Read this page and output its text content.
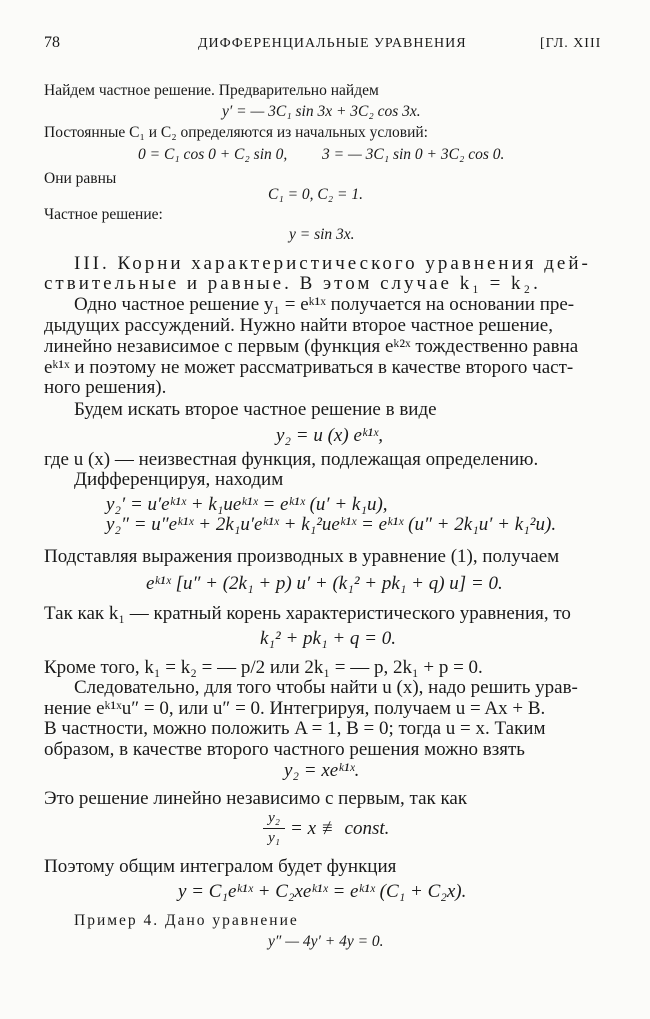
78	ДИФФЕРЕНЦИАЛЬНЫЕ УРАВНЕНИЯ	[ГЛ. XIII
Найдем частное решение. Предварительно найдем
y′ = — 3C₁ sin 3x + 3C₂ cos 3x.
Постоянные C₁ и C₂ определяются из начальных условий:
0 = C₁ cos 0 + C₂ sin 0, 3 = — 3C₁ sin 0 + 3C₂ cos 0.
Они равны
C₁ = 0, C₂ = 1.
Частное решение:
y = sin 3x.
III. Корни характеристического уравнения дей-
ствительные и равные. В этом случае k₁ = k₂.
Одно частное решение y₁ = eᵏ¹ˣ получается на основании пре-
дыдущих рассуждений. Нужно найти второе частное решение,
линейно независимое с первым (функция eᵏ²ˣ тождественно равна
eᵏ¹ˣ и поэтому не может рассматриваться в качестве второго част-
ного решения).
Будем искать второе частное решение в виде
y₂ = u (x) eᵏ¹ˣ,
где u (x) — неизвестная функция, подлежащая определению.
Дифференцируя, находим
y₂′ = u′eᵏ¹ˣ + k₁ueᵏ¹ˣ = eᵏ¹ˣ (u′ + k₁u),
y₂″ = u″eᵏ¹ˣ + 2k₁u′eᵏ¹ˣ + k₁²ueᵏ¹ˣ = eᵏ¹ˣ (u″ + 2k₁u′ + k₁²u).
Подставляя выражения производных в уравнение (1), получаем
eᵏ¹ˣ [u″ + (2k₁ + p) u′ + (k₁² + pk₁ + q) u] = 0.
Так как k₁ — кратный корень характеристического уравнения, то
k₁² + pk₁ + q = 0.
Кроме того, k₁ = k₂ = — p/2 или 2k₁ = — p, 2k₁ + p = 0.
Следовательно, для того чтобы найти u (x), надо решить урав-
нение eᵏ¹ˣu″ = 0, или u″ = 0. Интегрируя, получаем u = Ax + B.
В частности, можно положить A = 1, B = 0; тогда u = x. Таким
образом, в качестве второго частного решения можно взять
y₂ = xeᵏ¹ˣ.
Это решение линейно независимо с первым, так как
y₂
y₁ = x ≢ const.
Поэтому общим интегралом будет функция
y = C₁eᵏ¹ˣ + C₂xeᵏ¹ˣ = eᵏ¹ˣ (C₁ + C₂x).
Пример 4. Дано уравнение
y″ — 4y′ + 4y = 0.
